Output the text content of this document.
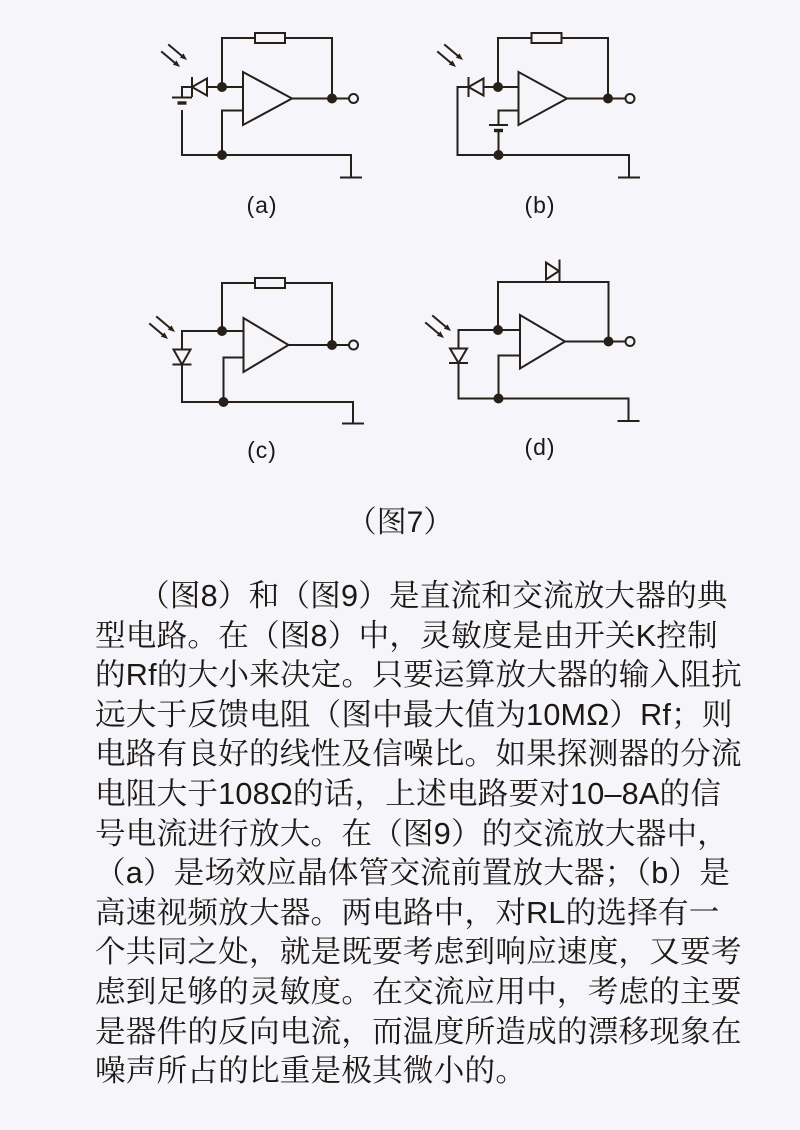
(a)	(b)
(c)	(d)
（图7）
（图8）和（图9）是直流和交流放大器的典
型电路。在（图8）中，灵敏度是由开关K控制
的Rf的大小来决定。只要运算放大器的输入阻抗
远大于反馈电阻（图中最大值为10MΩ）Rf；则
电路有良好的线性及信噪比。如果探测器的分流
电阻大于108Ω的话，上述电路要对10–8A的信
号电流进行放大。在（图9）的交流放大器中，
（a）是场效应晶体管交流前置放大器；（b）是
高速视频放大器。两电路中，对RL的选择有一
个共同之处，就是既要考虑到响应速度，又要考
虑到足够的灵敏度。在交流应用中，考虑的主要
是器件的反向电流，而温度所造成的漂移现象在
噪声所占的比重是极其微小的。
